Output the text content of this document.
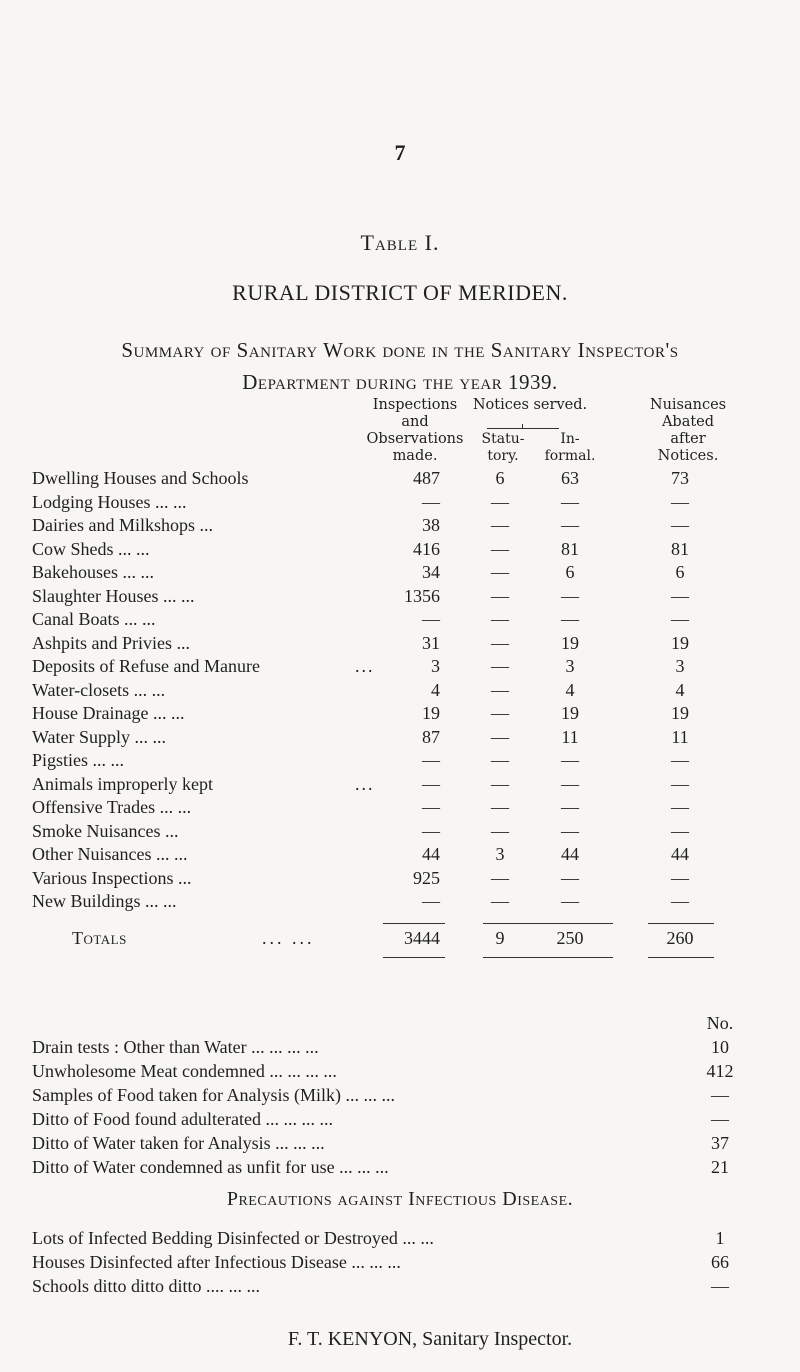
7
Table I.
RURAL DISTRICT OF MERIDEN.
Summary of Sanitary Work done in the Sanitary Inspector's
Department during the year 1939.
Inspections
and
Observations
made.
Notices served.
Statu-
tory.
In-
formal.
Nuisances
Abated
after
Notices.
Dwelling Houses and Schools	487	6	63	73
Lodging Houses ... ...	—	—	—	—
Dairies and Milkshops ...	38	—	—	—
Cow Sheds ... ...	416	—	81	81
Bakehouses ... ...	34	—	6	6
Slaughter Houses ... ...	1356	—	—	—
Canal Boats ... ...	—	—	—	—
Ashpits and Privies ...	31	—	19	19
Deposits of Refuse and Manure	...	3	—	3	3
Water-closets ... ...	4	—	4	4
House Drainage ... ...	19	—	19	19
Water Supply ... ...	87	—	11	11
Pigsties ... ...	—	—	—	—
Animals improperly kept	...	—	—	—	—
Offensive Trades ... ...	—	—	—	—
Smoke Nuisances ...	—	—	—	—
Other Nuisances ... ...	44	3	44	44
Various Inspections ...	925	—	—	—
New Buildings ... ...	—	—	—	—
Totals	... ...	3444	9	250	260
No.
Drain tests : Other than Water ... ... ... ...	10
Unwholesome Meat condemned ... ... ... ...	412
Samples of Food taken for Analysis (Milk) ... ... ...	—
Ditto of Food found adulterated ... ... ... ...	—
Ditto of Water taken for Analysis ... ... ...	37
Ditto of Water condemned as unfit for use ... ... ...	21
Precautions against Infectious Disease.
Lots of Infected Bedding Disinfected or Destroyed ... ...	1
Houses Disinfected after Infectious Disease ... ... ...	66
Schools ditto ditto ditto .... ... ...	—
F. T. KENYON, Sanitary Inspector.
